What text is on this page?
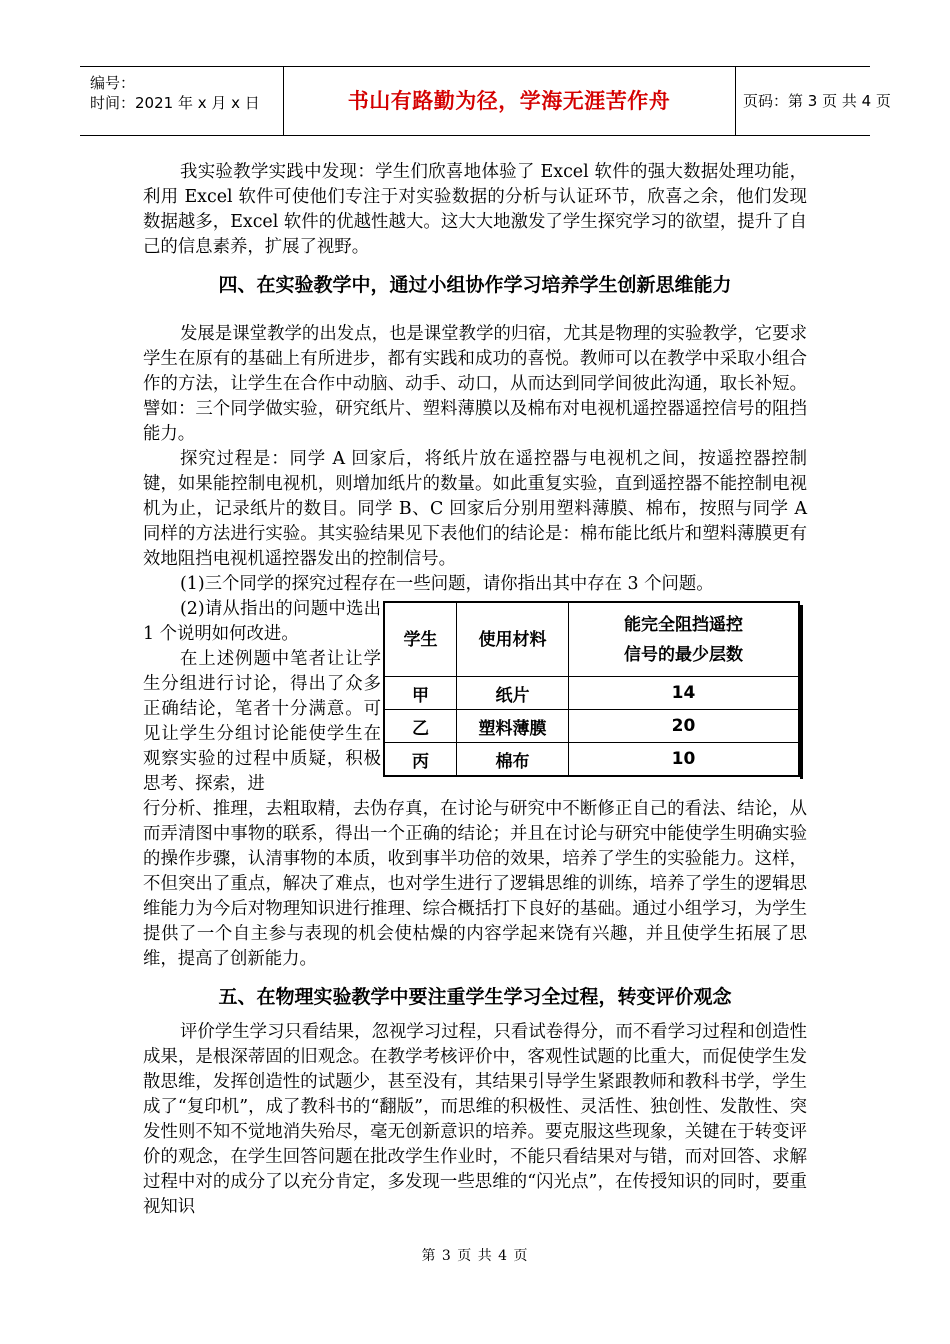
编号：
时间：2021 年 x 月 x 日	书山有路勤为径，学海无涯苦作舟	页码：第 3 页 共 4 页

我实验教学实践中发现：学生们欣喜地体验了 Excel 软件的强大数据处理功能，利用 Excel 软件可使他们专注于对实验数据的分析与认证环节，欣喜之余，他们发现数据越多，Excel 软件的优越性越大。这大大地激发了学生探究学习的欲望，提升了自己的信息素养，扩展了视野。

四、在实验教学中，通过小组协作学习培养学生创新思维能力

发展是课堂教学的出发点，也是课堂教学的归宿，尤其是物理的实验教学，它要求学生在原有的基础上有所进步，都有实践和成功的喜悦。教师可以在教学中采取小组合作的方法，让学生在合作中动脑、动手、动口，从而达到同学间彼此沟通，取长补短。譬如：三个同学做实验，研究纸片、塑料薄膜以及棉布对电视机遥控器遥控信号的阻挡能力。

探究过程是：同学 A 回家后，将纸片放在遥控器与电视机之间，按遥控器控制键，如果能控制电视机，则增加纸片的数量。如此重复实验，直到遥控器不能控制电视机为止，记录纸片的数目。同学 B、C 回家后分别用塑料薄膜、棉布，按照与同学 A 同样的方法进行实验。其实验结果见下表他们的结论是：棉布能比纸片和塑料薄膜更有效地阻挡电视机遥控器发出的控制信号。

(1)三个同学的探究过程存在一些问题，请你指出其中存在 3 个问题。

(2)请从指出的问题中选出 1 个说明如何改进。

在上述例题中笔者让让学生分组进行讨论，得出了众多正确结论，笔者十分满意。可见让学生分组讨论能使学生在观察实验的过程中质疑，积极思考、探索，进

学生	使用材料	能完全阻挡遥控
信号的最少层数

甲	纸片	14
乙	塑料薄膜	20
丙	棉布	10

行分析、推理，去粗取精，去伪存真，在讨论与研究中不断修正自己的看法、结论，从而弄清图中事物的联系，得出一个正确的结论；并且在讨论与研究中能使学生明确实验的操作步骤，认清事物的本质，收到事半功倍的效果，培养了学生的实验能力。这样，不但突出了重点，解决了难点，也对学生进行了逻辑思维的训练，培养了学生的逻辑思维能力为今后对物理知识进行推理、综合概括打下良好的基础。通过小组学习，为学生提供了一个自主参与表现的机会使枯燥的内容学起来饶有兴趣，并且使学生拓展了思维，提高了创新能力。

五、在物理实验教学中要注重学生学习全过程，转变评价观念

评价学生学习只看结果，忽视学习过程，只看试卷得分，而不看学习过程和创造性成果，是根深蒂固的旧观念。在教学考核评价中，客观性试题的比重大，而促使学生发散思维，发挥创造性的试题少，甚至没有，其结果引导学生紧跟教师和教科书学，学生成了“复印机”，成了教科书的“翻版”，而思维的积极性、灵活性、独创性、发散性、突发性则不知不觉地消失殆尽，毫无创新意识的培养。要克服这些现象，关键在于转变评价的观念，在学生回答问题在批改学生作业时，不能只看结果对与错，而对回答、求解过程中对的成分了以充分肯定，多发现一些思维的“闪光点”，在传授知识的同时，要重视知识

第 3 页 共 4 页
